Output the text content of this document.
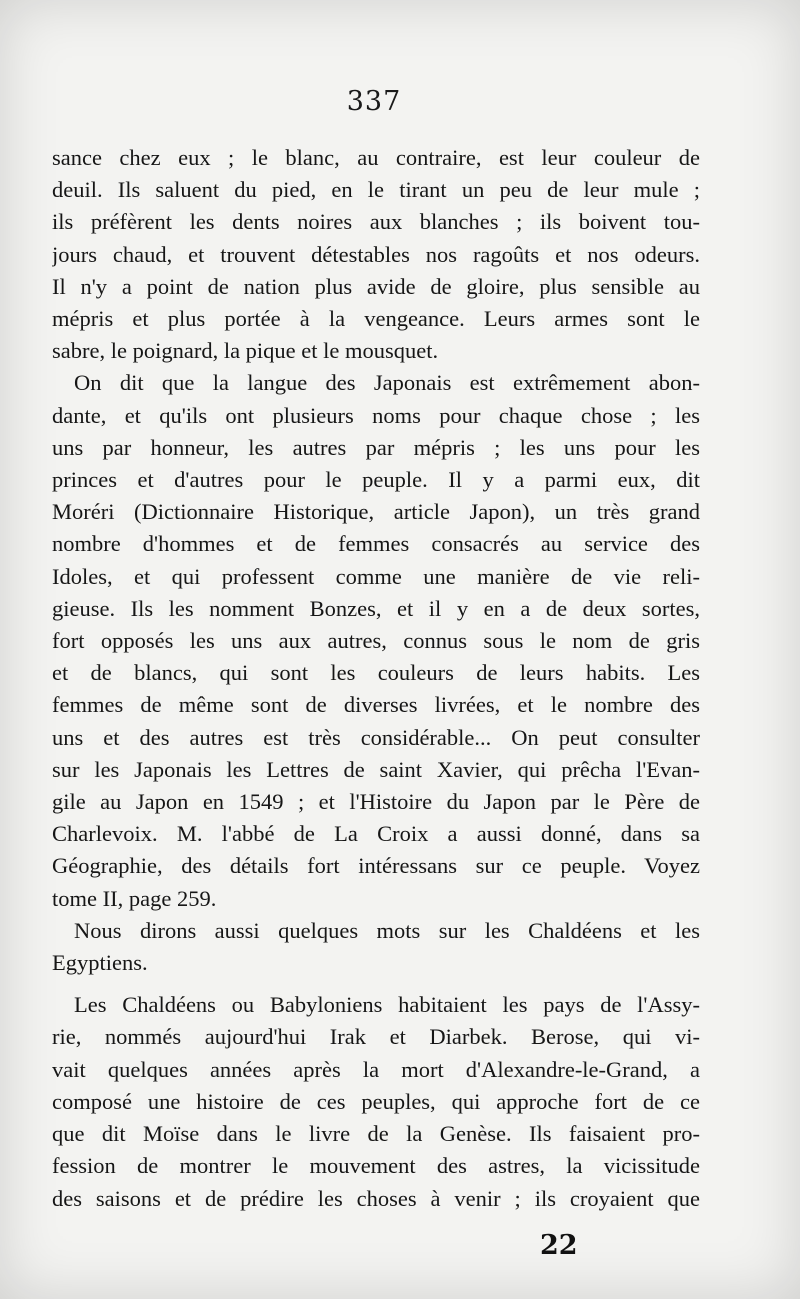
337
sance chez eux ; le blanc, au contraire, est leur couleur de
deuil. Ils saluent du pied, en le tirant un peu de leur mule ;
ils préfèrent les dents noires aux blanches ; ils boivent tou-
jours chaud, et trouvent détestables nos ragoûts et nos odeurs.
Il n'y a point de nation plus avide de gloire, plus sensible au
mépris et plus portée à la vengeance. Leurs armes sont le
sabre, le poignard, la pique et le mousquet.
On dit que la langue des Japonais est extrêmement abon-
dante, et qu'ils ont plusieurs noms pour chaque chose ; les
uns par honneur, les autres par mépris ; les uns pour les
princes et d'autres pour le peuple. Il y a parmi eux, dit
Moréri (Dictionnaire Historique, article Japon), un très grand
nombre d'hommes et de femmes consacrés au service des
Idoles, et qui professent comme une manière de vie reli-
gieuse. Ils les nomment Bonzes, et il y en a de deux sortes,
fort opposés les uns aux autres, connus sous le nom de gris
et de blancs, qui sont les couleurs de leurs habits. Les
femmes de même sont de diverses livrées, et le nombre des
uns et des autres est très considérable... On peut consulter
sur les Japonais les Lettres de saint Xavier, qui prêcha l'Evan-
gile au Japon en 1549 ; et l'Histoire du Japon par le Père de
Charlevoix. M. l'abbé de La Croix a aussi donné, dans sa
Géographie, des détails fort intéressans sur ce peuple. Voyez
tome II, page 259.
Nous dirons aussi quelques mots sur les Chaldéens et les
Egyptiens.
Les Chaldéens ou Babyloniens habitaient les pays de l'Assy-
rie, nommés aujourd'hui Irak et Diarbek. Berose, qui vi-
vait quelques années après la mort d'Alexandre-le-Grand, a
composé une histoire de ces peuples, qui approche fort de ce
que dit Moïse dans le livre de la Genèse. Ils faisaient pro-
fession de montrer le mouvement des astres, la vicissitude
des saisons et de prédire les choses à venir ; ils croyaient que
22
